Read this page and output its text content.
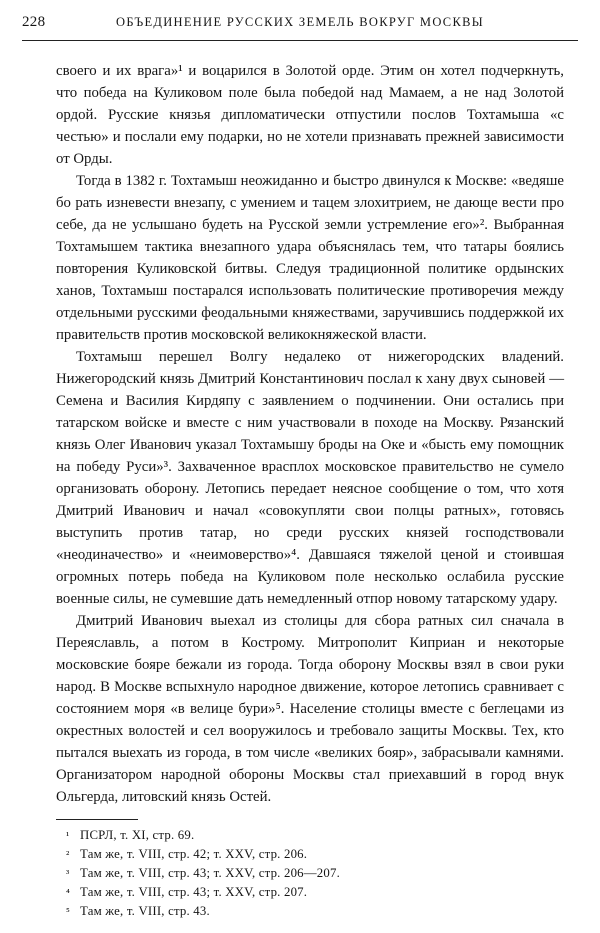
228	ОБЪЕДИНЕНИЕ РУССКИХ ЗЕМЕЛЬ ВОКРУГ МОСКВЫ

своего и их врага»¹ и воцарился в Золотой орде. Этим он хотел подчеркнуть, что победа на Куликовом поле была победой над Мамаем, а не над Золотой ордой. Русские князья дипломатически отпустили послов Тохтамыша «с честью» и послали ему подарки, но не хотели признавать прежней зависимости от Орды.

Тогда в 1382 г. Тохтамыш неожиданно и быстро двинулся к Москве: «ведяше бо рать изневести внезапу, с умением и тацем злохитрием, не дающе вести про себе, да не услышано будеть на Русской земли устремление его»². Выбранная Тохтамышем тактика внезапного удара объяснялась тем, что татары боялись повторения Куликовской битвы. Следуя традиционной политике ордынских ханов, Тохтамыш постарался использовать политические противоречия между отдельными русскими феодальными княжествами, заручившись поддержкой их правительств против московской великокняжеской власти.

Тохтамыш перешел Волгу недалеко от нижегородских владений. Нижегородский князь Дмитрий Константинович послал к хану двух сыновей — Семена и Василия Кирдяпу с заявлением о подчинении. Они остались при татарском войске и вместе с ним участвовали в походе на Москву. Рязанский князь Олег Иванович указал Тохтамышу броды на Оке и «бысть ему помощник на победу Руси»³. Захваченное врасплох московское правительство не сумело организовать оборону. Летопись передает неясное сообщение о том, что хотя Дмитрий Иванович и начал «совокупляти свои полцы ратных», готовясь выступить против татар, но среди русских князей господствовали «неодиначество» и «неимоверство»⁴. Давшаяся тяжелой ценой и стоившая огромных потерь победа на Куликовом поле несколько ослабила русские военные силы, не сумевшие дать немедленный отпор новому татарскому удару.

Дмитрий Иванович выехал из столицы для сбора ратных сил сначала в Переяславль, а потом в Кострому. Митрополит Киприан и некоторые московские бояре бежали из города. Тогда оборону Москвы взял в свои руки народ. В Москве вспыхнуло народное движение, которое летопись сравнивает с состоянием моря «в велице бури»⁵. Население столицы вместе с беглецами из окрестных волостей и сел вооружилось и требовало защиты Москвы. Тех, кто пытался выехать из города, в том числе «великих бояр», забрасывали камнями. Организатором народной обороны Москвы стал приехавший в город внук Ольгерда, литовский князь Остей.

¹ ПСРЛ, т. XI, стр. 69.
² Там же, т. VIII, стр. 42; т. XXV, стр. 206.
³ Там же, т. VIII, стр. 43; т. XXV, стр. 206—207.
⁴ Там же, т. VIII, стр. 43; т. XXV, стр. 207.
⁵ Там же, т. VIII, стр. 43.
